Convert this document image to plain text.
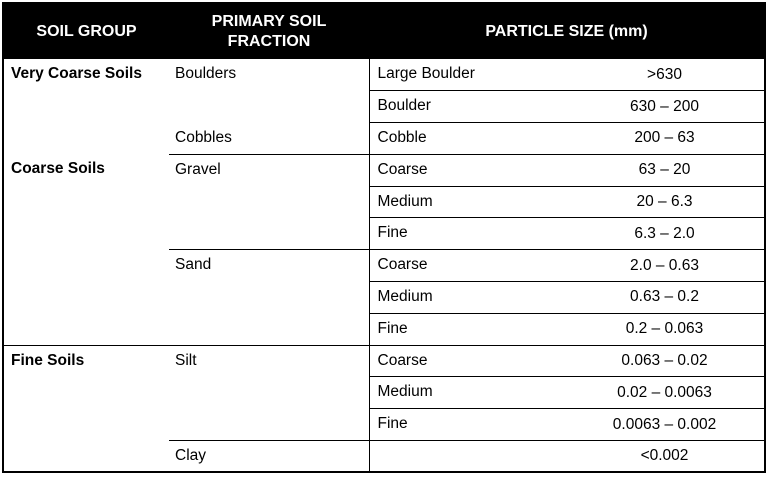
SOIL GROUP	PRIMARY SOIL FRACTION	PARTICLE SIZE (mm)	
Very Coarse Soils	Boulders	Large Boulder	>630
		Boulder	630 – 200
	Cobbles	Cobble	200 – 63
Coarse Soils	Gravel	Coarse	63 – 20
		Medium	20 – 6.3
		Fine	6.3 – 2.0
	Sand	Coarse	2.0 – 0.63
		Medium	0.63 – 0.2
		Fine	0.2 – 0.063
Fine Soils	Silt	Coarse	0.063 – 0.02
		Medium	0.02 – 0.0063
		Fine	0.0063 – 0.002
	Clay		<0.002
